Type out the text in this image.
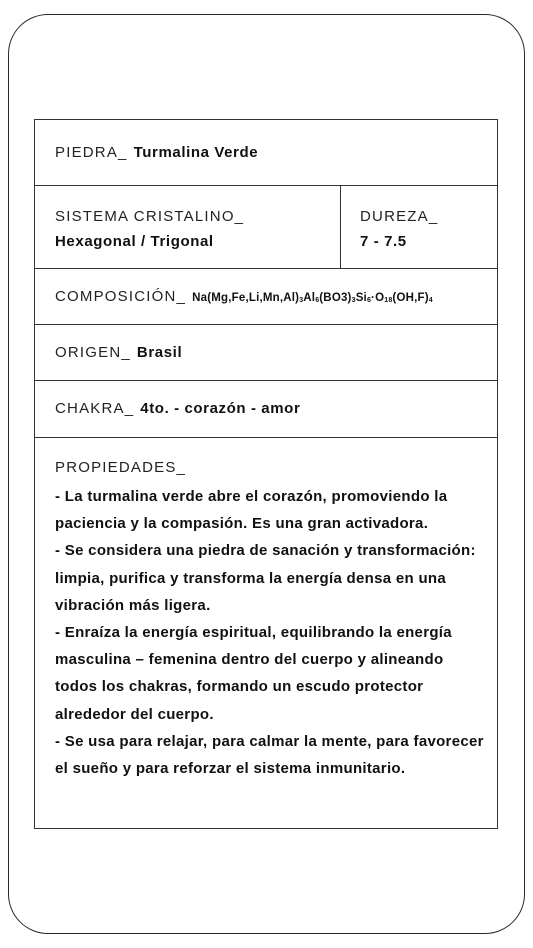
PIEDRA_ Turmalina Verde
SISTEMA CRISTALINO_
Hexagonal / Trigonal
DUREZA_
7 - 7.5
COMPOSICIÓN_ $Na(Mg,Fe,Li,Mn,Al)_3Al_6(BO3)_3Si_6\cdot O_{18}(OH,F)_4$
ORIGEN_ Brasil
CHAKRA_ 4to. - corazón - amor
PROPIEDADES_
- La turmalina verde abre el corazón, promoviendo la paciencia y la compasión. Es una gran activadora.
- Se considera una piedra de sanación y transformación: limpia, purifica y transforma la energía densa en una vibración más ligera.
- Enraíza la energía espiritual, equilibrando la energía masculina – femenina dentro del cuerpo y alineando todos los chakras, formando un escudo protector alrededor del cuerpo.
- Se usa para relajar, para calmar la mente, para favorecer el sueño y para reforzar el sistema inmunitario.
